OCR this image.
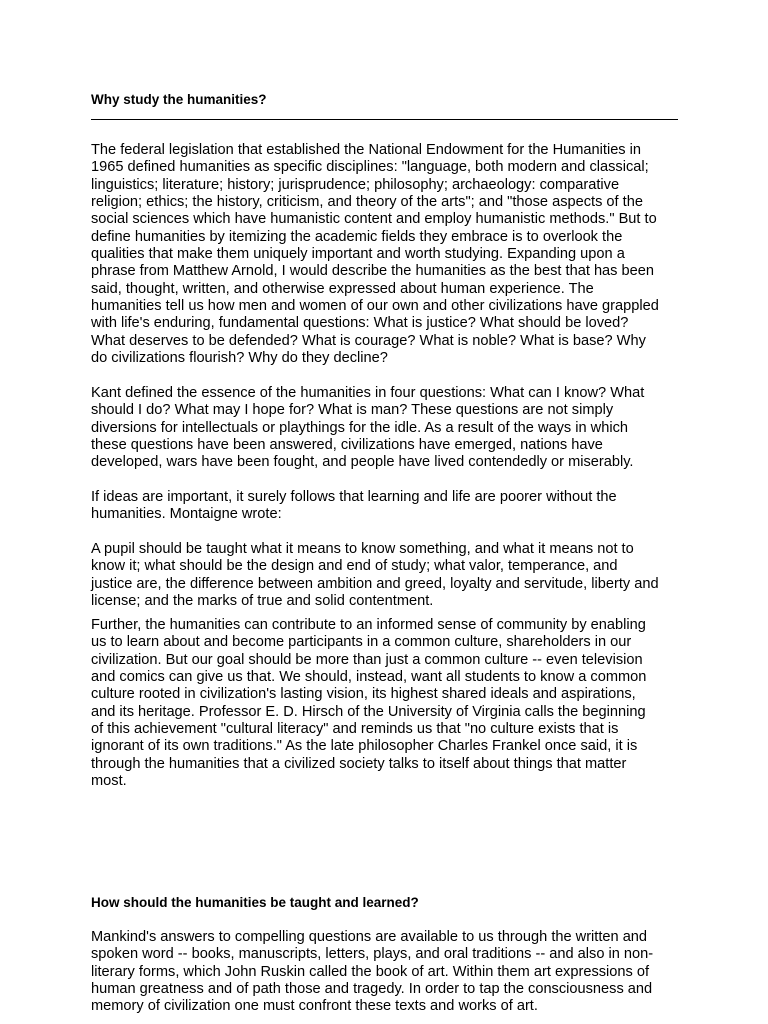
Why study the humanities?

The federal legislation that established the National Endowment for the Humanities in
1965 defined humanities as specific disciplines: "language, both modern and classical;
linguistics; literature; history; jurisprudence; philosophy; archaeology: comparative
religion; ethics; the history, criticism, and theory of the arts"; and "those aspects of the
social sciences which have humanistic content and employ humanistic methods." But to
define humanities by itemizing the academic fields they embrace is to overlook the
qualities that make them uniquely important and worth studying. Expanding upon a
phrase from Matthew Arnold, I would describe the humanities as the best that has been
said, thought, written, and otherwise expressed about human experience. The
humanities tell us how men and women of our own and other civilizations have grappled
with life's enduring, fundamental questions: What is justice? What should be loved?
What deserves to be defended? What is courage? What is noble? What is base? Why
do civilizations flourish? Why do they decline?

Kant defined the essence of the humanities in four questions: What can I know? What
should I do? What may I hope for? What is man? These questions are not simply
diversions for intellectuals or playthings for the idle. As a result of the ways in which
these questions have been answered, civilizations have emerged, nations have
developed, wars have been fought, and people have lived contendedly or miserably.

If ideas are important, it surely follows that learning and life are poorer without the
humanities. Montaigne wrote:

A pupil should be taught what it means to know something, and what it means not to
know it; what should be the design and end of study; what valor, temperance, and
justice are, the difference between ambition and greed, loyalty and servitude, liberty and
license; and the marks of true and solid contentment.

Further, the humanities can contribute to an informed sense of community by enabling
us to learn about and become participants in a common culture, shareholders in our
civilization. But our goal should be more than just a common culture -- even television
and comics can give us that. We should, instead, want all students to know a common
culture rooted in civilization's lasting vision, its highest shared ideals and aspirations,
and its heritage. Professor E. D. Hirsch of the University of Virginia calls the beginning
of this achievement "cultural literacy" and reminds us that "no culture exists that is
ignorant of its own traditions." As the late philosopher Charles Frankel once said, it is
through the humanities that a civilized society talks to itself about things that matter
most.

How should the humanities be taught and learned?

Mankind's answers to compelling questions are available to us through the written and
spoken word -- books, manuscripts, letters, plays, and oral traditions -- and also in non-
literary forms, which John Ruskin called the book of art. Within them art expressions of
human greatness and of path those and tragedy. In order to tap the consciousness and
memory of civilization one must confront these texts and works of art.
